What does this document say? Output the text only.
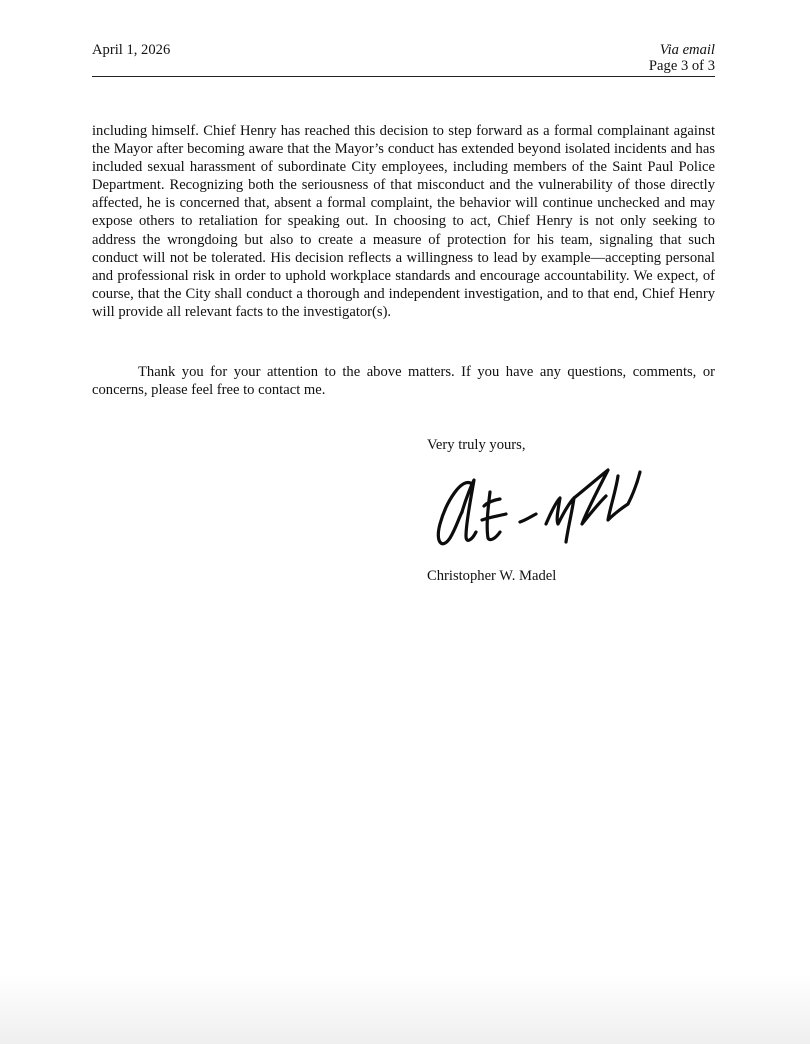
April 1, 2026	Via email
Page 3 of 3

including himself. Chief Henry has reached this decision to step forward as a formal complainant against the Mayor after becoming aware that the Mayor’s conduct has extended beyond isolated incidents and has included sexual harassment of subordinate City employees, including members of the Saint Paul Police Department. Recognizing both the seriousness of that misconduct and the vulnerability of those directly affected, he is concerned that, absent a formal complaint, the behavior will continue unchecked and may expose others to retaliation for speaking out. In choosing to act, Chief Henry is not only seeking to address the wrongdoing but also to create a measure of protection for his team, signaling that such conduct will not be tolerated. His decision reflects a willingness to lead by example—accepting personal and professional risk in order to uphold workplace standards and encourage accountability. We expect, of course, that the City shall conduct a thorough and independent investigation, and to that end, Chief Henry will provide all relevant facts to the investigator(s).

Thank you for your attention to the above matters. If you have any questions, comments, or concerns, please feel free to contact me.

Very truly yours,
Christopher W. Madel
